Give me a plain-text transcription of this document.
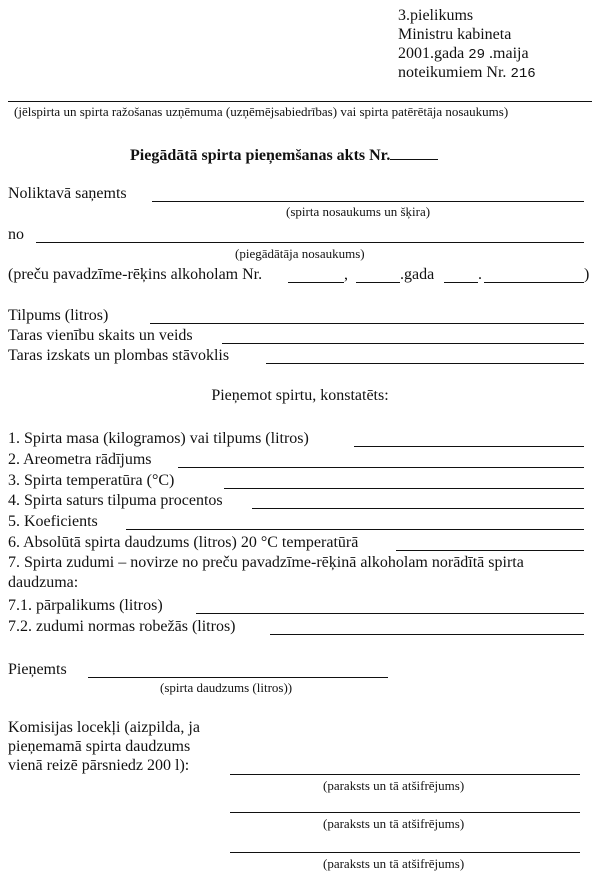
3.pielikums
Ministru kabineta
2001.gada 29 .maija
noteikumiem Nr. 216
(jēlspirta un spirta ražošanas uzņēmuma (uzņēmējsabiedrības) vai spirta patērētāja nosaukums)
Piegādātā spirta pieņemšanas akts Nr.
Noliktavā saņemts
(spirta nosaukums un šķira)
no
(piegādātāja nosaukums)
(preču pavadzīme-rēķins alkoholam Nr.	,	.gada	.	)
Tilpums (litros)
Taras vienību skaits un veids
Taras izskats un plombas stāvoklis
Pieņemot spirtu, konstatēts:
1. Spirta masa (kilogramos) vai tilpums (litros)
2. Areometra rādījums
3. Spirta temperatūra (°C)
4. Spirta saturs tilpuma procentos
5. Koeficients
6. Absolūtā spirta daudzums (litros) 20 °C temperatūrā
7. Spirta zudumi – novirze no preču pavadzīme-rēķinā alkoholam norādītā spirta
daudzuma:
7.1. pārpalikums (litros)
7.2. zudumi normas robežās (litros)
Pieņemts
(spirta daudzums (litros))
Komisijas locekļi (aizpilda, ja
pieņemamā spirta daudzums
vienā reizē pārsniedz 200 l):
(paraksts un tā atšifrējums)
(paraksts un tā atšifrējums)
(paraksts un tā atšifrējums)
